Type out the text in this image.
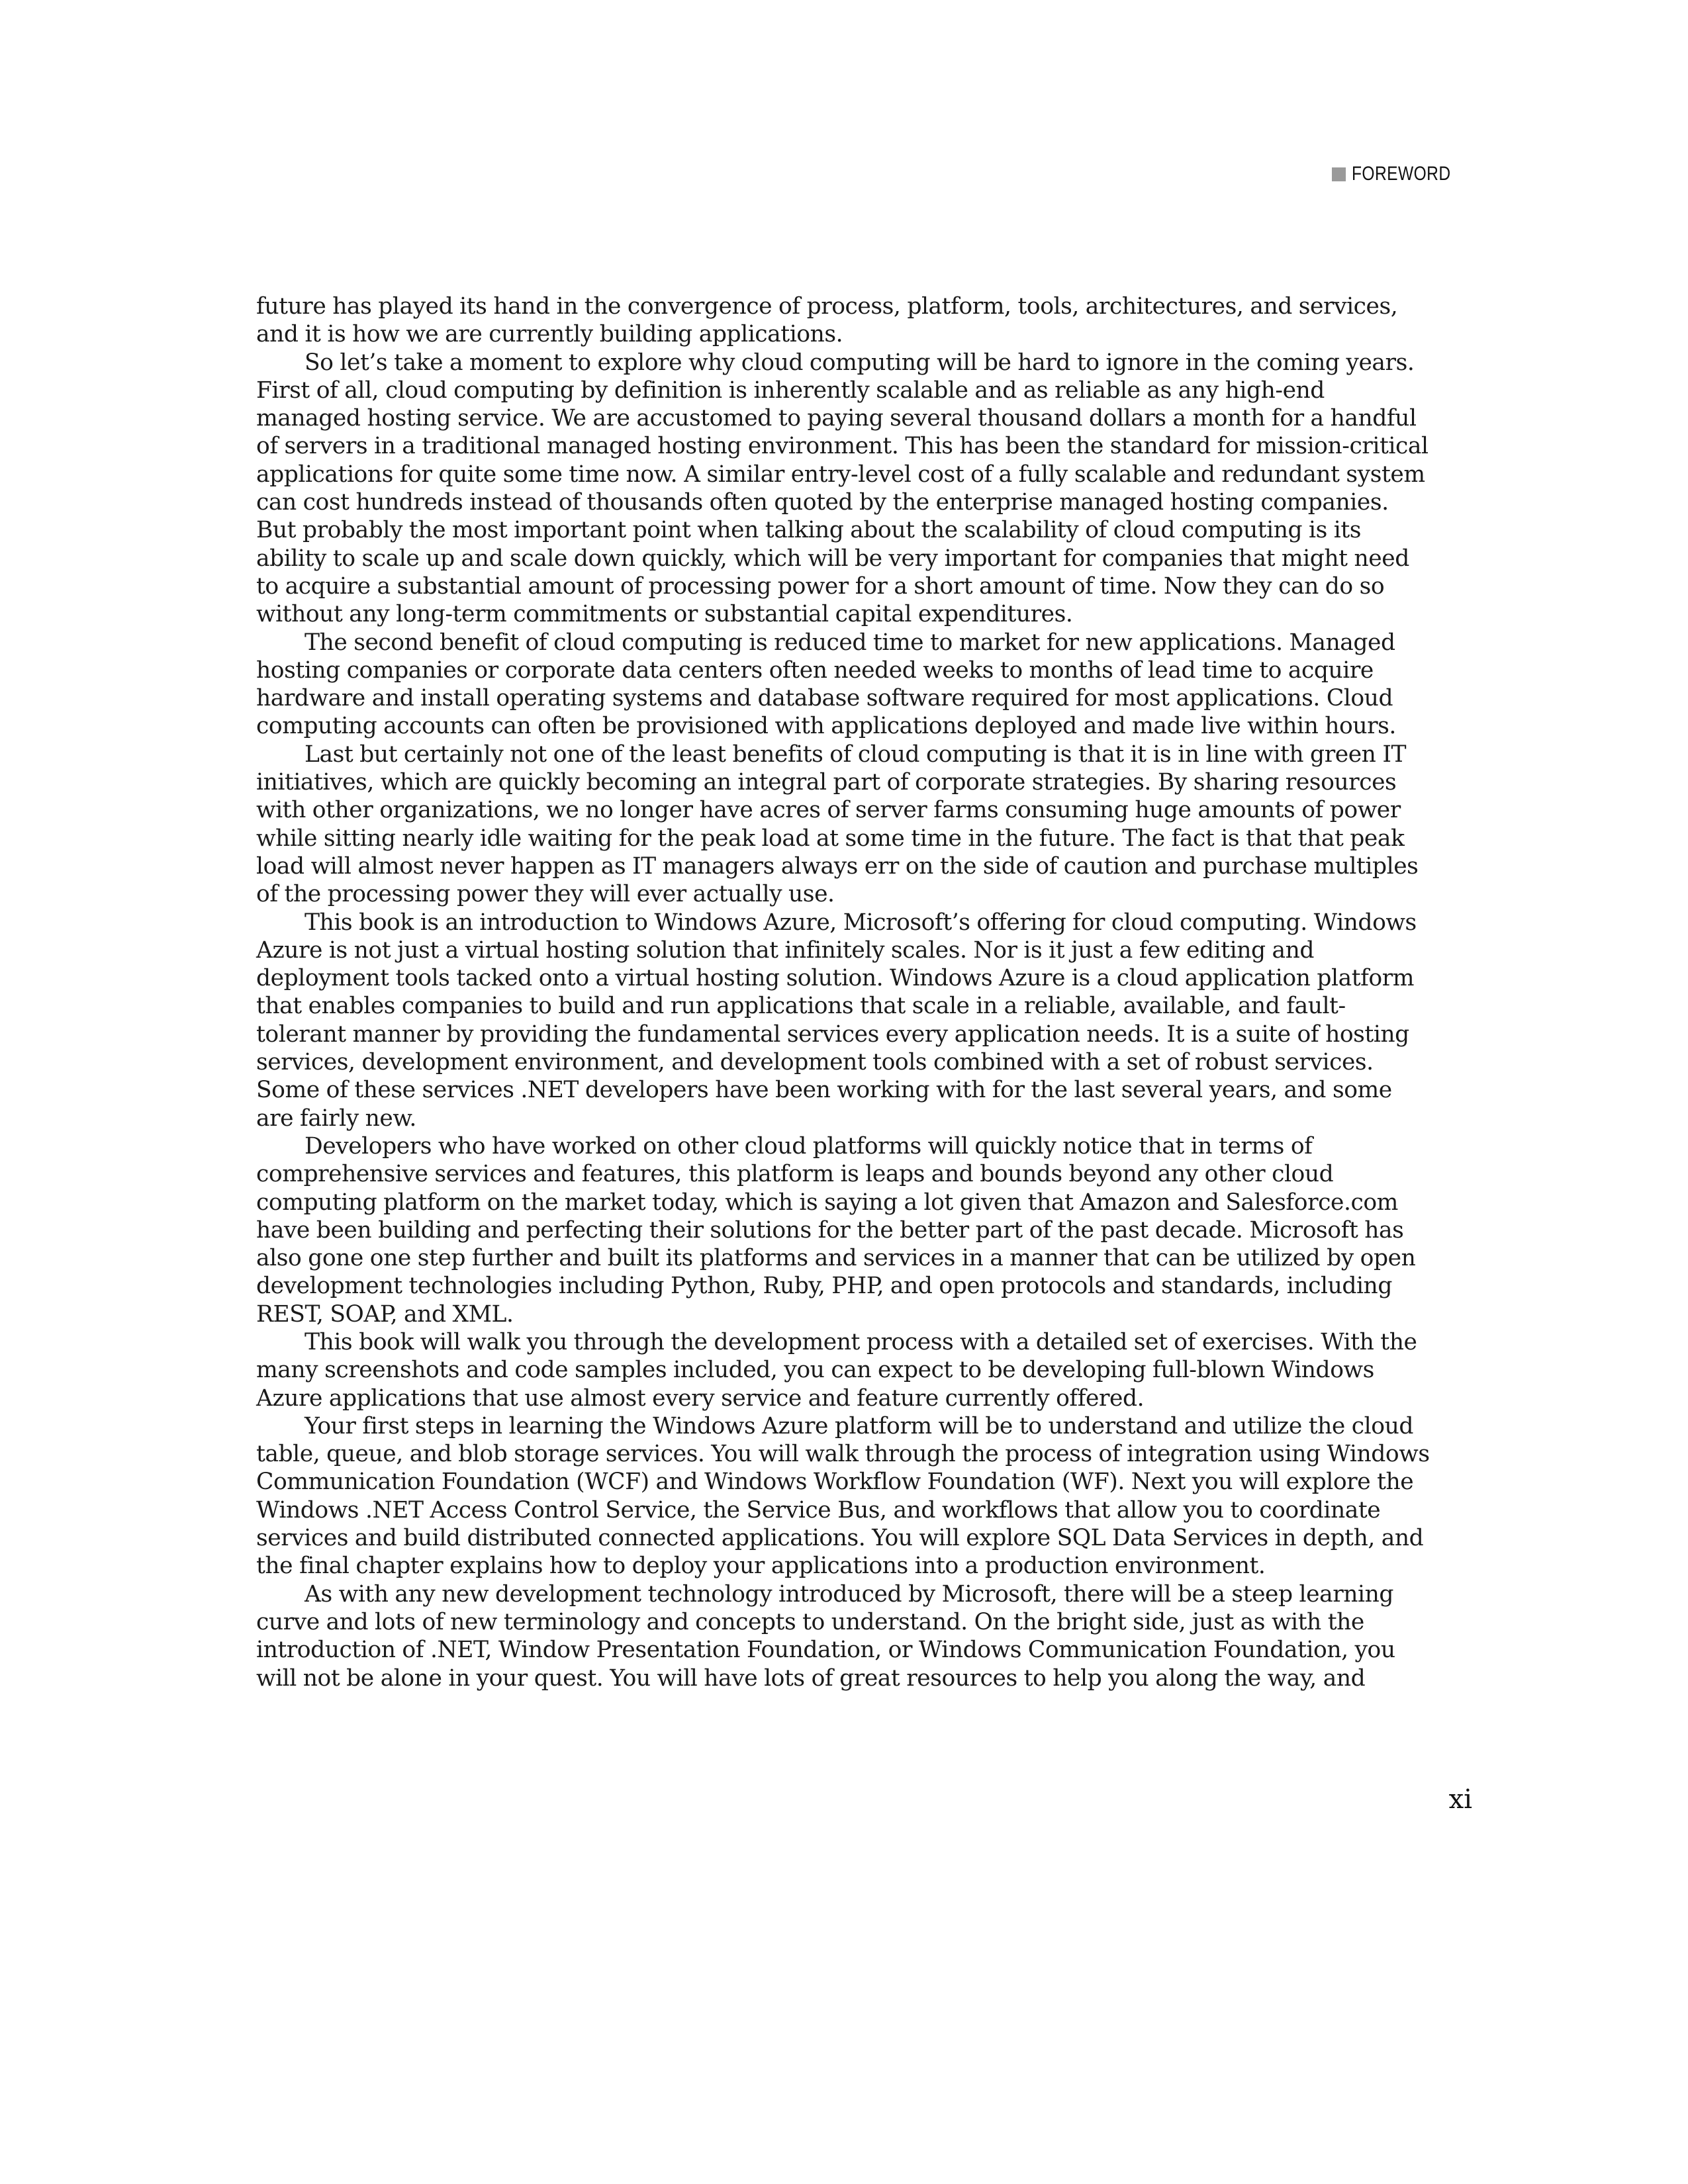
FOREWORD

future has played its hand in the convergence of process, platform, tools, architectures, and services, and it is how we are currently building applications.

So let’s take a moment to explore why cloud computing will be hard to ignore in the coming years. First of all, cloud computing by definition is inherently scalable and as reliable as any high-end managed hosting service. We are accustomed to paying several thousand dollars a month for a handful of servers in a traditional managed hosting environment. This has been the standard for mission-critical applications for quite some time now. A similar entry-level cost of a fully scalable and redundant system can cost hundreds instead of thousands often quoted by the enterprise managed hosting companies. But probably the most important point when talking about the scalability of cloud computing is its ability to scale up and scale down quickly, which will be very important for companies that might need to acquire a substantial amount of processing power for a short amount of time. Now they can do so without any long-term commitments or substantial capital expenditures.

The second benefit of cloud computing is reduced time to market for new applications. Managed hosting companies or corporate data centers often needed weeks to months of lead time to acquire hardware and install operating systems and database software required for most applications. Cloud computing accounts can often be provisioned with applications deployed and made live within hours.

Last but certainly not one of the least benefits of cloud computing is that it is in line with green IT initiatives, which are quickly becoming an integral part of corporate strategies. By sharing resources with other organizations, we no longer have acres of server farms consuming huge amounts of power while sitting nearly idle waiting for the peak load at some time in the future. The fact is that that peak load will almost never happen as IT managers always err on the side of caution and purchase multiples of the processing power they will ever actually use.

This book is an introduction to Windows Azure, Microsoft’s offering for cloud computing. Windows Azure is not just a virtual hosting solution that infinitely scales. Nor is it just a few editing and deployment tools tacked onto a virtual hosting solution. Windows Azure is a cloud application platform that enables companies to build and run applications that scale in a reliable, available, and fault-tolerant manner by providing the fundamental services every application needs. It is a suite of hosting services, development environment, and development tools combined with a set of robust services. Some of these services .NET developers have been working with for the last several years, and some are fairly new.

Developers who have worked on other cloud platforms will quickly notice that in terms of comprehensive services and features, this platform is leaps and bounds beyond any other cloud computing platform on the market today, which is saying a lot given that Amazon and Salesforce.com have been building and perfecting their solutions for the better part of the past decade. Microsoft has also gone one step further and built its platforms and services in a manner that can be utilized by open development technologies including Python, Ruby, PHP, and open protocols and standards, including REST, SOAP, and XML.

This book will walk you through the development process with a detailed set of exercises. With the many screenshots and code samples included, you can expect to be developing full-blown Windows Azure applications that use almost every service and feature currently offered.

Your first steps in learning the Windows Azure platform will be to understand and utilize the cloud table, queue, and blob storage services. You will walk through the process of integration using Windows Communication Foundation (WCF) and Windows Workflow Foundation (WF). Next you will explore the Windows .NET Access Control Service, the Service Bus, and workflows that allow you to coordinate services and build distributed connected applications. You will explore SQL Data Services in depth, and the final chapter explains how to deploy your applications into a production environment.

As with any new development technology introduced by Microsoft, there will be a steep learning curve and lots of new terminology and concepts to understand. On the bright side, just as with the introduction of .NET, Window Presentation Foundation, or Windows Communication Foundation, you will not be alone in your quest. You will have lots of great resources to help you along the way, and

xi
